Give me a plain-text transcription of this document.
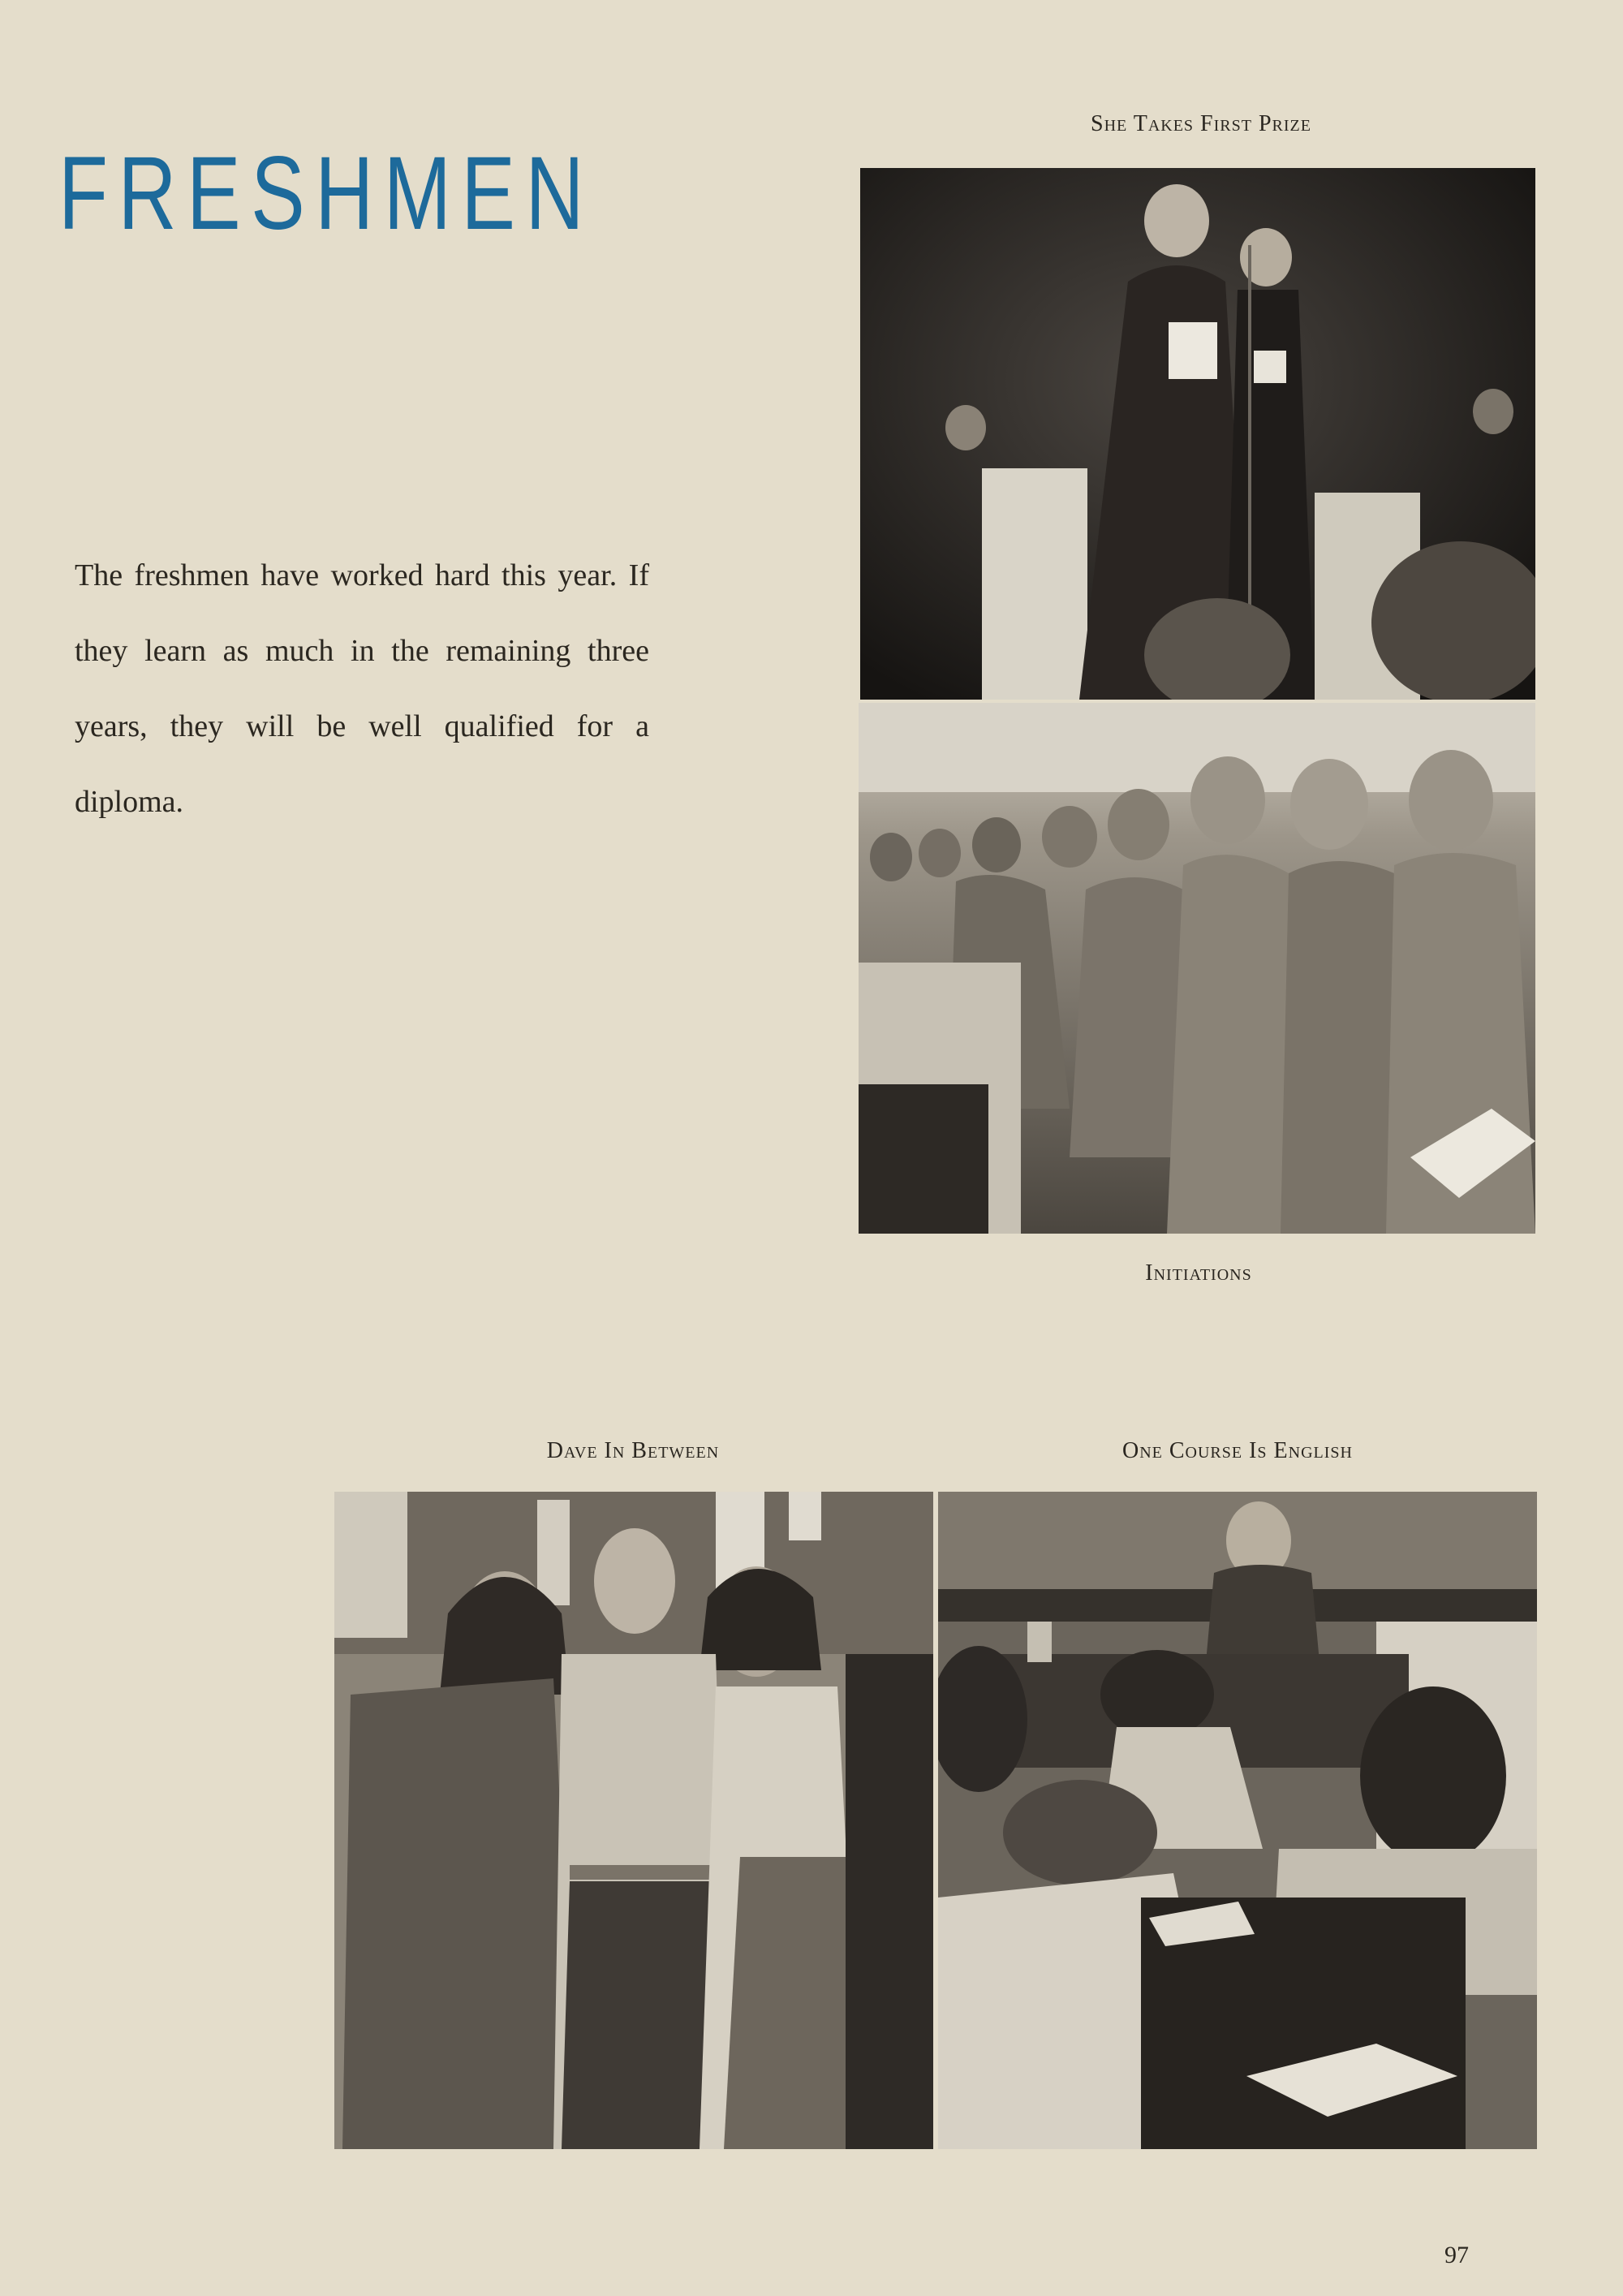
FRESHMEN

The freshmen have worked hard this year. If they learn as much in the remaining three years, they will be well qualified for a diploma.

She Takes First Prize
Initiations
Dave In Between	One Course Is English
97
